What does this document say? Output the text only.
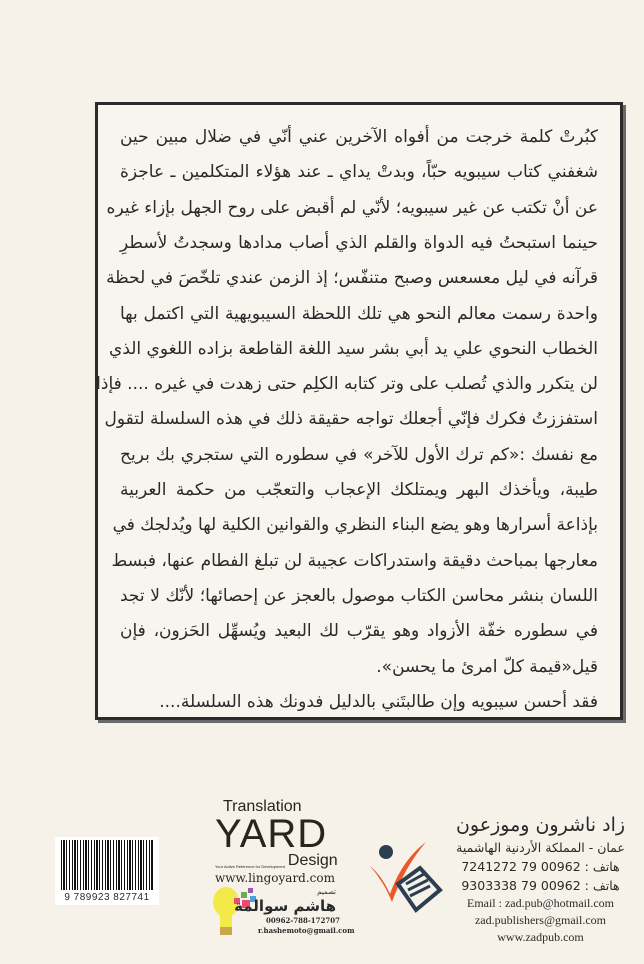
كبُرتْ كلمة خرجت من أفواه الآخرين عني أنّي في ضلال مبين حين
شغفني كتاب سيبويه حبّاً، وبدتْ يداي ـ عند هؤلاء المتكلمين ـ عاجزة
عن أنْ تكتب عن غير سيبويه؛ لأنّي لم أقبض على روح الجهل بإزاء غيره
حينما استبحتُ فيه الدواة والقلم الذي أصاب مدادها وسجدتُ لأسطرِ
قرآنه في ليل معسعس وصبح متنفّس؛ إذ الزمن عندي تلخّصَ في لحظة
واحدة رسمت معالم النحو هي تلك اللحظة السيبويهية التي اكتمل بها
الخطاب النحوي علي يد أبي بشر سيد اللغة القاطعة بزاده اللغوي الذي
لن يتكرر والذي تُصلب على وتر كتابه الكلِم حتى زهدت في غيره .... فإذا
استفززتُ فكرك فإنّي أجعلك تواجه حقيقة ذلك في هذه السلسلة لتقول
مع نفسك :«كم ترك الأول للآخر» في سطوره التي ستجري بك بريح
طيبة، ويأخذك البهر ويمتلكك الإعجاب والتعجّب من حكمة العربية
بإذاعة أسرارها وهو يضع البناء النظري والقوانين الكلية لها ويُدلجك في
معارجها بمباحث دقيقة واستدراكات عجيبة لن تبلغ الفطام عنها، فبسط
اللسان بنشر محاسن الكتاب موصول بالعجز عن إحصائها؛ لأنّك لا تجد
في سطوره خفّة الأزواد وهو يقرّب لك البعيد ويُسهِّل الحَزون، فإن
قيل«قيمة كلّ امرئ ما يحسن».
فقد أحسن سيبويه وإن طالبتَني بالدليل فدونك هذه السلسلة....
9 789923 827741
Translation
YARD
Your Active Reference for Development Design
www.lingoyard.com
تصميم
هاشم سوالمة
00962-788-172707
r.hashemoto@gmail.com
زاد ناشرون وموزعون
عمان - المملكة الأردنية الهاشمية
هاتف : 00962 79 7241272
هاتف : 00962 79 9303338
Email : zad.pub@hotmail.com
zad.publishers@gmail.com
www.zadpub.com
